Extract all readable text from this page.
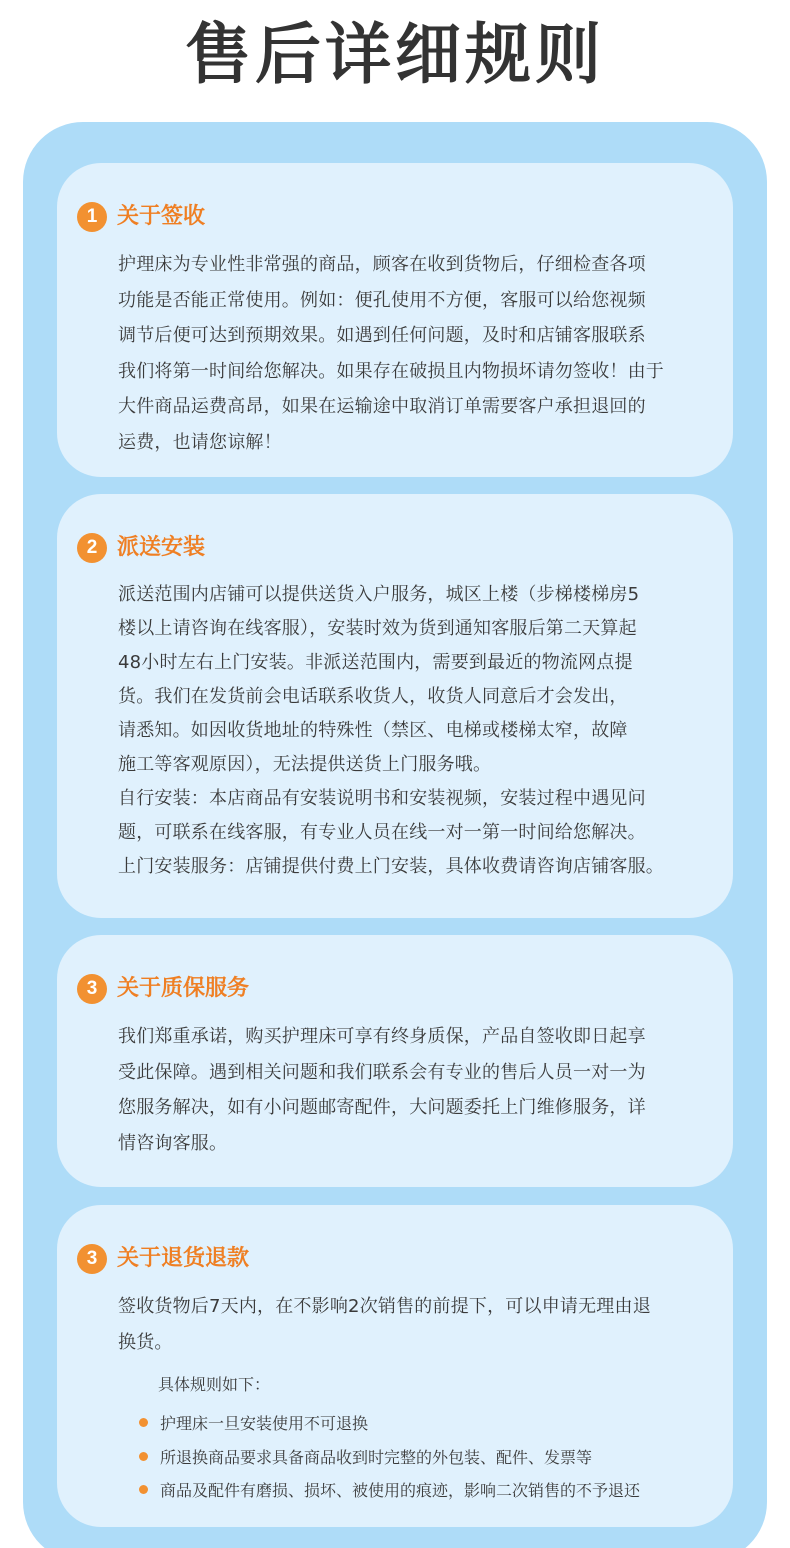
售后详细规则
1 关于签收
护理床为专业性非常强的商品，顾客在收到货物后，仔细检查各项
功能是否能正常使用。例如：便孔使用不方便，客服可以给您视频
调节后便可达到预期效果。如遇到任何问题，及时和店铺客服联系
我们将第一时间给您解决。如果存在破损且内物损坏请勿签收！由于
大件商品运费高昂，如果在运输途中取消订单需要客户承担退回的
运费，也请您谅解！
2 派送安装
派送范围内店铺可以提供送货入户服务，城区上楼（步梯楼梯房5
楼以上请咨询在线客服），安装时效为货到通知客服后第二天算起
48小时左右上门安装。非派送范围内，需要到最近的物流网点提
货。我们在发货前会电话联系收货人，收货人同意后才会发出，
请悉知。如因收货地址的特殊性（禁区、电梯或楼梯太窄，故障
施工等客观原因），无法提供送货上门服务哦。
自行安装：本店商品有安装说明书和安装视频，安装过程中遇见问
题，可联系在线客服，有专业人员在线一对一第一时间给您解决。
上门安装服务：店铺提供付费上门安装，具体收费请咨询店铺客服。
3 关于质保服务
我们郑重承诺，购买护理床可享有终身质保，产品自签收即日起享
受此保障。遇到相关问题和我们联系会有专业的售后人员一对一为
您服务解决，如有小问题邮寄配件，大问题委托上门维修服务，详
情咨询客服。
3 关于退货退款
签收货物后7天内，在不影响2次销售的前提下，可以申请无理由退
换货。
具体规则如下：
护理床一旦安装使用不可退换
所退换商品要求具备商品收到时完整的外包装、配件、发票等
商品及配件有磨损、损坏、被使用的痕迹，影响二次销售的不予退还
